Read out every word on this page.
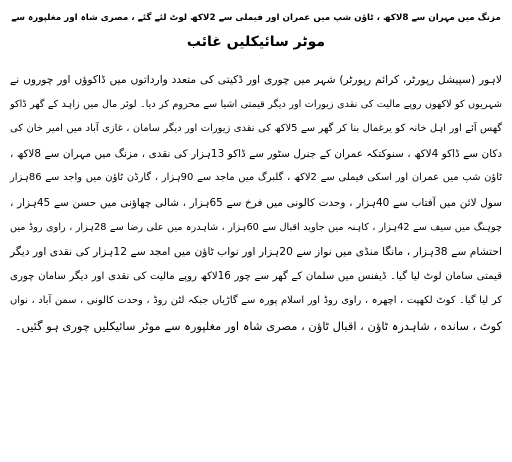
مزنگ میں مہران سے 8لاکھ ، ٹاؤن شپ میں عمران اور فیملی سے 2لاکھ لوٹ لئے گئے ، مصری شاہ اور مغلپورہ سے
موٹر سائیکلیں غائب
لاہور (سپیشل رپورٹر، کرائم رپورٹر) شہر میں چوری اور ڈکیتی کی متعدد وارداتوں میں ڈاکوؤں اور چوروں نے
شہریوں کو لاکھوں روپے مالیت کی نقدی زیورات اور دیگر قیمتی اشیا سے محروم کر دیا۔ لوئر مال میں زاہد کے گھر ڈاکو
گھس آئے اور اہل خانہ کو یرغمال بنا کر گھر سے 5لاکھ کی نقدی زیورات اور دیگر سامان ، غازی آباد میں امیر خان کی
دکان سے ڈاکو 4لاکھ ، سنوکتکہ عمران کے جنرل سٹور سے ڈاکو 13ہزار کی نقدی ، مزنگ میں مہران سے 8لاکھ ،
ٹاؤن شپ میں عمران اور اسکی فیملی سے 2لاکھ ، گلبرگ میں ماجد سے 90ہزار ، گارڈن ٹاؤن میں واجد سے 86ہزار
سول لائن میں آفتاب سے 40ہزار ، وحدت کالونی میں فرخ سے 65ہزار ، شالی چھاؤنی میں حسن سے 45ہزار ،
چوہنگ میں سیف سے 42ہزار ، کاہنہ میں جاوید اقبال سے 60ہزار ، شاہدرہ میں علی رضا سے 28ہزار ، راوی روڈ میں
احتشام سے 38ہزار ، مانگا منڈی میں نواز سے 20ہزار اور نواب ٹاؤن میں امجد سے 12ہزار کی نقدی اور دیگر
قیمتی سامان لوٹ لیا گیا۔ ڈیفنس میں سلمان کے گھر سے چور 16لاکھ روپے مالیت کی نقدی اور دیگر سامان چوری
کر لیا گیا۔ کوٹ لکھپت ، اچھرہ ، راوی روڈ اور اسلام پورہ سے گاڑیاں جبکہ لٹن روڈ ، وحدت کالونی ، سمن آباد ، نواں
کوٹ ، سانده ، شاہدرہ ٹاؤن ، اقبال ٹاؤن ، مصری شاہ اور مغلپورہ سے موٹر سائیکلیں چوری ہو گئیں۔
